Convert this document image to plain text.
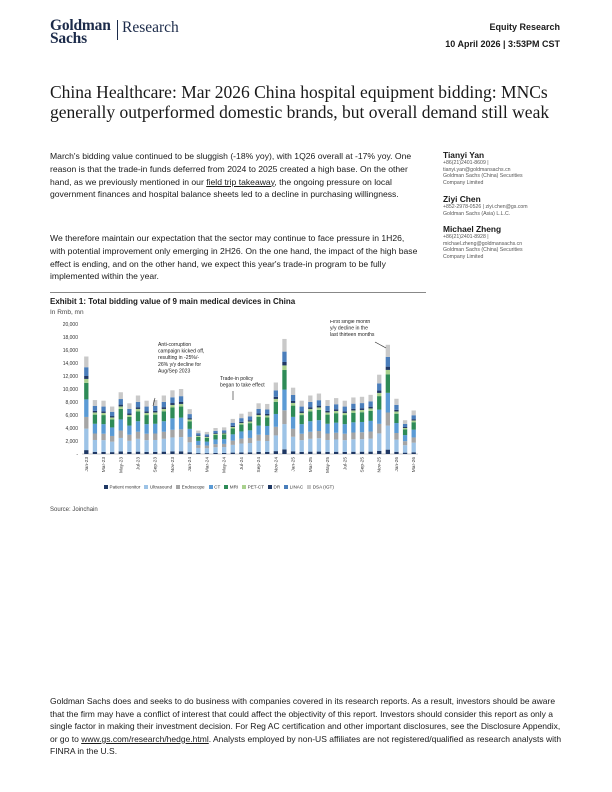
Goldman
Sachs
Research	Equity Research
10 April 2026 | 3:53PM CST
China Healthcare: Mar 2026 China hospital equipment bidding: MNCs generally outperformed domestic brands, but overall demand still weak
March's bidding value continued to be sluggish (-18% yoy), with 1Q26 overall at -17% yoy. One reason is that the trade-in funds deferred from 2024 to 2025 created a high base. On the other hand, as we previously mentioned in our field trip takeaway, the ongoing pressure on local government finances and hospital balance sheets led to a decline in purchasing willingness.
We therefore maintain our expectation that the sector may continue to face pressure in 1H26, with potential improvement only emerging in 2H26. On the one hand, the impact of the high base effect is ending, and on the other hand, we expect this year's trade-in program to be fully implemented within the year.
Tianyi Yan
+86(21)2401-8609 |
tianyi.yan@goldmansachs.cn
Goldman Sachs (China) Securities
Company Limited
Ziyi Chen
+852-2978-0526 | ziyi.chen@gs.com
Goldman Sachs (Asia) L.L.C.
Michael Zheng
+86(21)2401-8928 |
michael.zheng@goldmansachs.cn
Goldman Sachs (China) Securities
Company Limited
Exhibit 1: Total bidding value of 9 main medical devices in China
In Rmb, mn
20,000
18,000
16,000
14,000
12,000
10,000
8,000
6,000
4,000
2,000
-
Jan-23	Mar-23	May-23	Jul-23	Sep-23	Nov-23	Jan-24	Mar-24	May-24	Jul-24	Sep-24	Nov-24	Jan-25	Mar-25	May-25	Jul-25	Sep-25	Nov-25	Jan-26	Mar-26
Anti-corruption
campaign kicked off,
resulting in -25%/-
26% y/y decline for
Aug/Sep 2023
Trade-in policy
began to take effect
First single month
y/y decline in the
last thirteen months
Patient monitor Ultrasound Endoscope CT MRI PET-CT DR LINAC DSA (IGT)
Source: Joinchain
Goldman Sachs does and seeks to do business with companies covered in its research reports. As a result, investors should be aware that the firm may have a conflict of interest that could affect the objectivity of this report. Investors should consider this report as only a single factor in making their investment decision. For Reg AC certification and other important disclosures, see the Disclosure Appendix, or go to www.gs.com/research/hedge.html. Analysts employed by non-US affiliates are not registered/qualified as research analysts with FINRA in the U.S.
